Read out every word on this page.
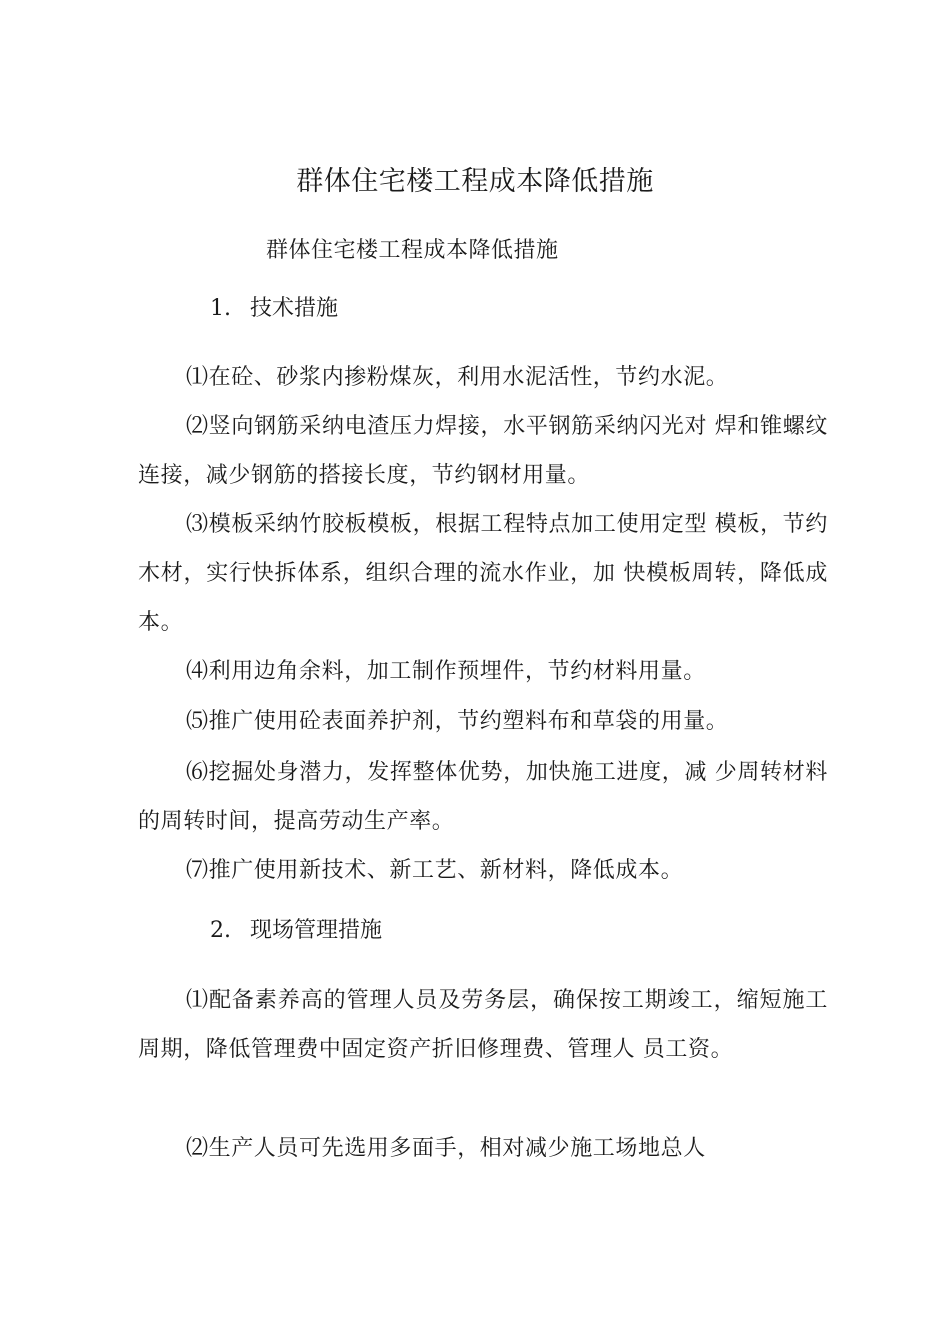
群体住宅楼工程成本降低措施
群体住宅楼工程成本降低措施
1. 技术措施
⑴在砼、砂浆内掺粉煤灰，利用水泥活性，节约水泥。
⑵竖向钢筋采纳电渣压力焊接，水平钢筋采纳闪光对 焊和锥螺纹连接，减少钢筋的搭接长度，节约钢材用量。
⑶模板采纳竹胶板模板，根据工程特点加工使用定型 模板，节约木材，实行快拆体系，组织合理的流水作业，加 快模板周转，降低成本。
⑷利用边角余料，加工制作预埋件，节约材料用量。
⑸推广使用砼表面养护剂，节约塑料布和草袋的用量。
⑹挖掘处身潜力，发挥整体优势，加快施工进度，减 少周转材料的周转时间，提高劳动生产率。
⑺推广使用新技术、新工艺、新材料，降低成本。
2. 现场管理措施
⑴配备素养高的管理人员及劳务层，确保按工期竣工，缩短施工周期，降低管理费中固定资产折旧修理费、管理人 员工资。
⑵生产人员可先选用多面手，相对减少施工场地总人
